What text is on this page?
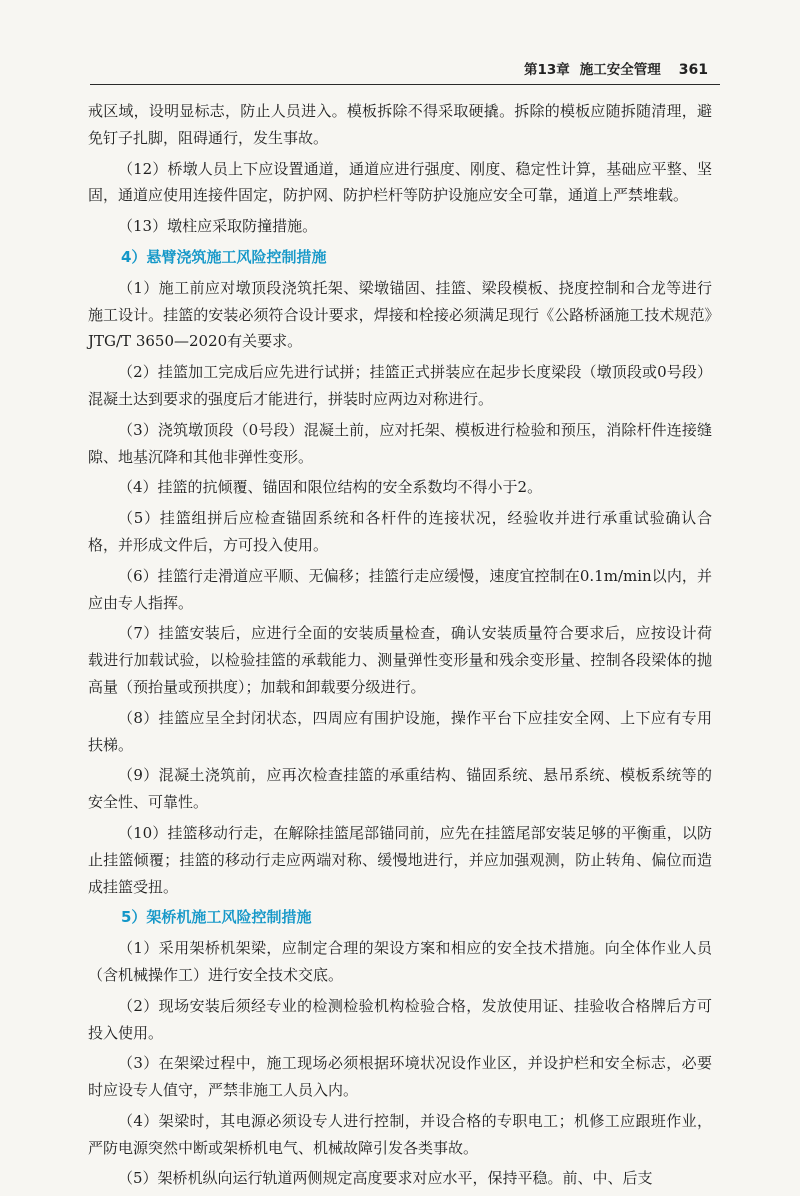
第13章 施工安全管理 361

戒区域，设明显标志，防止人员进入。模板拆除不得采取硬撬。拆除的模板应随拆随清理，避免钉子扎脚，阻碍通行，发生事故。

（12）桥墩人员上下应设置通道，通道应进行强度、刚度、稳定性计算，基础应平整、坚固，通道应使用连接件固定，防护网、防护栏杆等防护设施应安全可靠，通道上严禁堆载。

（13）墩柱应采取防撞措施。

4）悬臂浇筑施工风险控制措施

（1）施工前应对墩顶段浇筑托架、梁墩锚固、挂篮、梁段模板、挠度控制和合龙等进行施工设计。挂篮的安装必须符合设计要求，焊接和栓接必须满足现行《公路桥涵施工技术规范》JTG/T 3650—2020有关要求。

（2）挂篮加工完成后应先进行试拼；挂篮正式拼装应在起步长度梁段（墩顶段或0号段）混凝土达到要求的强度后才能进行，拼装时应两边对称进行。

（3）浇筑墩顶段（0号段）混凝土前，应对托架、模板进行检验和预压，消除杆件连接缝隙、地基沉降和其他非弹性变形。

（4）挂篮的抗倾覆、锚固和限位结构的安全系数均不得小于2。

（5）挂篮组拼后应检查锚固系统和各杆件的连接状况，经验收并进行承重试验确认合格，并形成文件后，方可投入使用。

（6）挂篮行走滑道应平顺、无偏移；挂篮行走应缓慢，速度宜控制在0.1m/min以内，并应由专人指挥。

（7）挂篮安装后，应进行全面的安装质量检查，确认安装质量符合要求后，应按设计荷载进行加载试验，以检验挂篮的承载能力、测量弹性变形量和残余变形量、控制各段梁体的抛高量（预抬量或预拱度）；加载和卸载要分级进行。

（8）挂篮应呈全封闭状态，四周应有围护设施，操作平台下应挂安全网、上下应有专用扶梯。

（9）混凝土浇筑前，应再次检查挂篮的承重结构、锚固系统、悬吊系统、模板系统等的安全性、可靠性。

（10）挂篮移动行走，在解除挂篮尾部锚同前，应先在挂篮尾部安装足够的平衡重，以防止挂篮倾覆；挂篮的移动行走应两端对称、缓慢地进行，并应加强观测，防止转角、偏位而造成挂篮受扭。

5）架桥机施工风险控制措施

（1）采用架桥机架梁，应制定合理的架设方案和相应的安全技术措施。向全体作业人员（含机械操作工）进行安全技术交底。

（2）现场安装后须经专业的检测检验机构检验合格，发放使用证、挂验收合格牌后方可投入使用。

（3）在架梁过程中，施工现场必须根据环境状况设作业区，并设护栏和安全标志，必要时应设专人值守，严禁非施工人员入内。

（4）架梁时，其电源必须设专人进行控制，并设合格的专职电工；机修工应跟班作业，严防电源突然中断或架桥机电气、机械故障引发各类事故。

（5）架桥机纵向运行轨道两侧规定高度要求对应水平，保持平稳。前、中、后支
